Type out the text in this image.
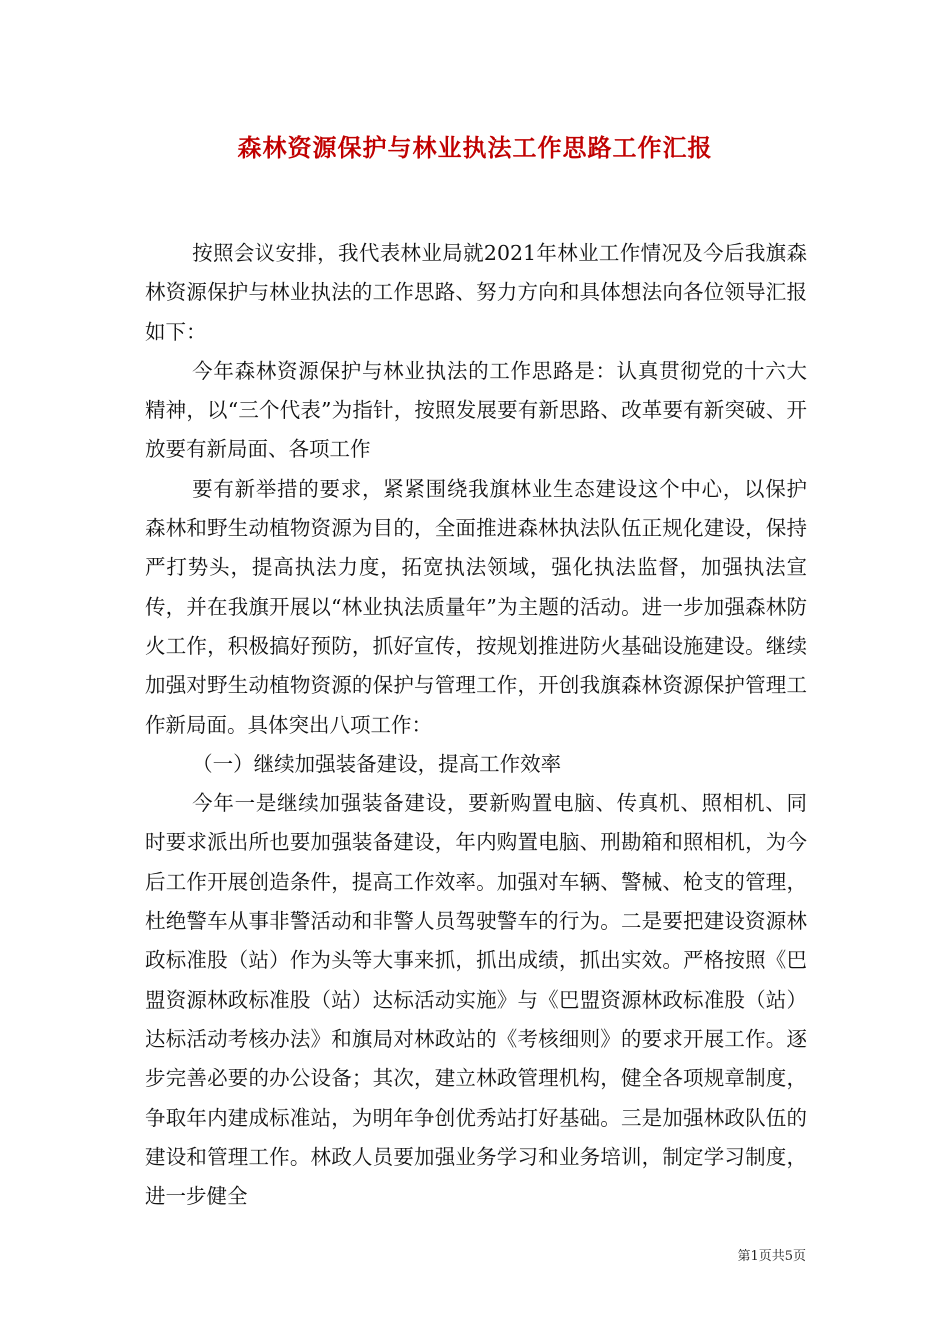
森林资源保护与林业执法工作思路工作汇报

按照会议安排，我代表林业局就2021年林业工作情况及今后我旗森林资源保护与林业执法的工作思路、努力方向和具体想法向各位领导汇报如下：

今年森林资源保护与林业执法的工作思路是：认真贯彻党的十六大精神，以“三个代表”为指针，按照发展要有新思路、改革要有新突破、开放要有新局面、各项工作

要有新举措的要求，紧紧围绕我旗林业生态建设这个中心，以保护森林和野生动植物资源为目的，全面推进森林执法队伍正规化建设，保持严打势头，提高执法力度，拓宽执法领域，强化执法监督，加强执法宣传，并在我旗开展以“林业执法质量年”为主题的活动。进一步加强森林防火工作，积极搞好预防，抓好宣传，按规划推进防火基础设施建设。继续加强对野生动植物资源的保护与管理工作，开创我旗森林资源保护管理工作新局面。具体突出八项工作：

（一）继续加强装备建设，提高工作效率

今年一是继续加强装备建设，要新购置电脑、传真机、照相机、同时要求派出所也要加强装备建设，年内购置电脑、刑勘箱和照相机，为今后工作开展创造条件，提高工作效率。加强对车辆、警械、枪支的管理，杜绝警车从事非警活动和非警人员驾驶警车的行为。二是要把建设资源林政标准股（站）作为头等大事来抓，抓出成绩，抓出实效。严格按照《巴盟资源林政标准股（站）达标活动实施》与《巴盟资源林政标准股（站）达标活动考核办法》和旗局对林政站的《考核细则》的要求开展工作。逐步完善必要的办公设备；其次，建立林政管理机构，健全各项规章制度，争取年内建成标准站，为明年争创优秀站打好基础。三是加强林政队伍的建设和管理工作。林政人员要加强业务学习和业务培训，制定学习制度，进一步健全

第1页共5页
